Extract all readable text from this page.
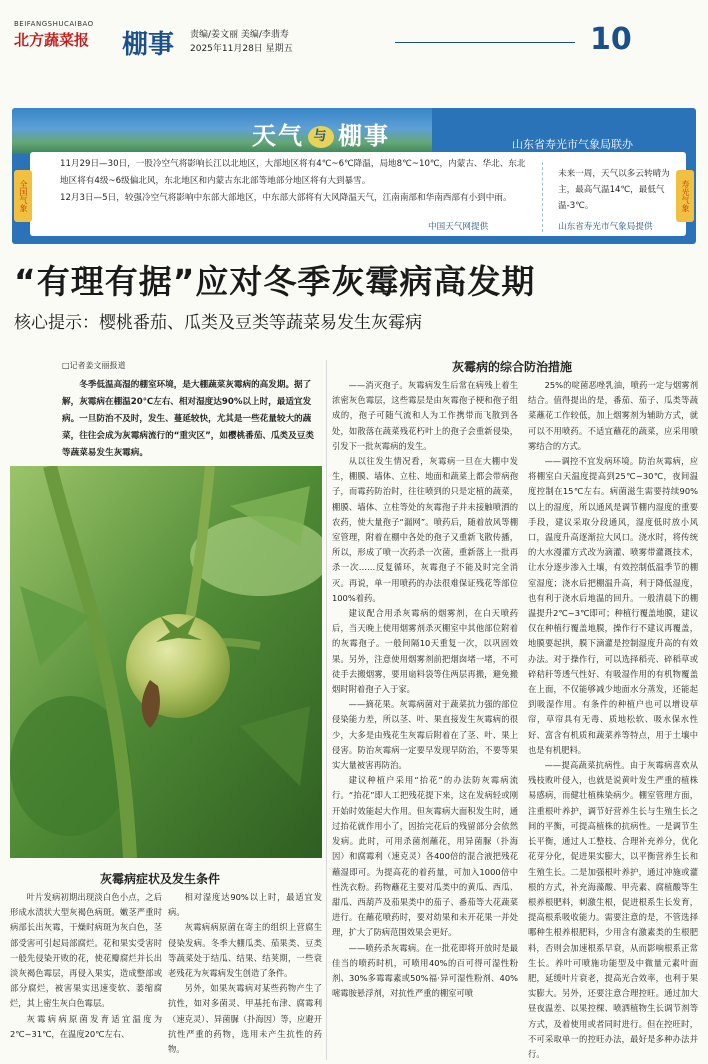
BEIFANGSHUCAIBAO
北方蔬菜报	棚事 责编/姜文丽 美编/李翡寿
2025年11月28日 星期五	10
天气 与 棚事	山东省寿光市气象局联办
全国气象	寿光气象
11月29日—30日，一股冷空气将影响长江以北地区，大部地区将有4℃~6℃降温，局地8℃~10℃，内蒙古、华北、东北地区将有4级~6级偏北风，东北地区和内蒙古东北部等地部分地区将有大到暴雪。
12月3日—5日，较强冷空气将影响中东部大部地区，中东部大部将有大风降温天气，江南南部和华南西部有小到中雨。
中国天气网提供
未来一周，天气以多云转晴为主，最高气温14℃，最低气温-3℃。
山东省寿光市气象局提供
“有理有据”应对冬季灰霉病高发期
核心提示：樱桃番茄、瓜类及豆类等蔬菜易发生灰霉病
□记者姜文丽报道
冬季低温高湿的棚室环境，是大棚蔬菜灰霉病的高发期。据了解，灰霉病在棚温20℃左右、相对湿度达90%以上时，最适宜发病。一旦防治不及时，发生、蔓延较快，尤其是一些花量较大的蔬菜，往往会成为灰霉病流行的“重灾区”，如樱桃番茄、瓜类及豆类等蔬菜易发生灰霉病。
灰霉病症状及发生条件

叶片发病初期出现淡白色小点，之后形成水渍状大型灰褐色病斑。嫩茎严重时病部长出灰霉，干燥时病斑为灰白色，茎部受害可引起局部腐烂。花和果实受害时一般先侵染开败的花，使花瓣腐烂并长出淡灰褐色霉层，再侵入果实，造成整部或部分腐烂，被害果实迅速变软、萎缩腐烂，其上密生灰白色霉层。

灰霉病病原菌发育适宜温度为2℃~31℃，在温度20℃左右、

相对湿度达90%以上时，最适宜发病。

灰霉病病原菌在寄主的组织上营腐生侵染发病。冬季大棚瓜类、茄果类、豆类等蔬菜处于结瓜、结果、结荚期，一些衰老残花为灰霉病发生创造了条件。

另外，如果灰霉病对某些药物产生了抗性，如对多菌灵、甲基托布津、腐霉利（速克灵）、异菌脲（扑海因）等，应避开抗性严重的药物，选用未产生抗性的药物。

灰霉病的综合防治措施

——消灭孢子。灰霉病发生后常在病残上着生浓密灰色霉层，这些霉层是由灰霉孢子梗和孢子组成的，孢子可随气流和人为工作携带而飞散到各处，如散落在蔬菜残花朽叶上的孢子会重新侵染，引发下一批灰霉病的发生。

从以往发生情况看，灰霉病一旦在大棚中发生，棚膜、墙体、立柱、地面和蔬菜上都会带病孢子，而霉药防治时，往往喷到的只是定植的蔬菜，棚膜、墙体、立柱等处的灰霉孢子并未接触喷洒的农药，使大量孢子“漏网”。喷药后，随着放风等棚室管理，附着在棚中各处的孢子又重新飞散传播，所以，形成了喷一次药杀一次菌，重新落上一批再杀一次……反复循环，灰霉孢子不能及时完全消灭。再说，单一用喷药的办法很难保证残花等部位100%着药。

建议配合用杀灰霉病的烟雾剂，在白天喷药后，当天晚上使用烟雾剂杀灭棚室中其他部位附着的灰霉孢子。一般间隔10天重复一次，以巩固效果。另外，注意使用烟雾剂前把烟囱堵一堵，不可徒手去搬烟雾，要用扇料袋等住两层再搬，避免搬烟时附着孢子入于家。

——摘花果。灰霉病菌对于蔬菜抗力强的部位侵染能力差，所以茎、叶、果直接发生灰霉病的很少，大多是由残花生灰霉后附着在了茎、叶、果上侵害。防治灰霉病一定要早发现早防治，不要等果实大量被害再防治。

建议种植户采用“抬花”的办法防灰霉病流行。“抬花”即人工把残花提下来，这在发病轻或刚开始时效能起大作用。但灰霉病大面积发生时，通过抬花就作用小了，因抬完花后的残留部分会依然发病。此时，可用杀菌剂蘸花，用异菌脲（扑海因）和腐霉利（速克灵）各400倍的混合液把残花蘸湿即可。为提高花的着药量，可加入1000倍中性洗衣粉。药物蘸花主要对瓜类中的黄瓜、西瓜、甜瓜、西葫芦及茄果类中的茄子、番茄等大花蔬菜进行。在蘸花喷药时，要对幼果和未开花果一并处理，扩大了防病范围效果会更好。

——喷药杀灰霉病。在一批花即将开放时是最佳当的喷药时机，可喷用40%的百可得可湿性粉剂、30%多霉霉素或50%福·异可湿性粉剂、40%嘧霉胺悬浮剂，对抗性严重的棚室可喷

25%的啶菌恶唑乳油，喷药一定与烟雾剂结合。值得提出的是，番茄、茄子、瓜类等蔬菜蘸花工作较低，加上烟雾剂为辅助方式，就可以不用喷药。不适宜蘸花的蔬菜，应采用喷雾结合的方式。

——调控不宜发病环境。防治灰霉病，应将棚室白天温度提高到25℃~30℃，夜间温度控制在15℃左右。病菌滋生需要持续90%以上的湿度，所以通风是调节棚内湿度的重要手段，建议采取分段通风，湿度低时放小风口，温度升高逐渐拉大风口。浇水时，将传统的大水漫灌方式改为滴灌、喷雾带灌溉技术，让水分逐步渗入土壤，有效控制低温季节的棚室湿度；浇水后把棚温升高，利于降低湿度，也有利于浇水后地温的回升。一般清晨下的棚温提升2℃~3℃即可；种植行覆盖地膜，建议仅在种植行覆盖地膜，操作行不建议再覆盖，地膜要起拱，膜下滴灌是控制湿度升高的有效办法。对于操作行，可以选择稻壳、碎稻草或碎秸秆等透气性好、有吸湿作用的有机物覆盖在上面，不仅能够减少地面水分蒸发，还能起到吸湿作用。有条件的种植户也可以增设草帘，草帘具有无毒、质地松软、吸水保水性好、富含有机质和蔬菜养等特点，用于土壤中也是有机肥料。

——提高蔬菜抗病性。由于灰霉病喜欢从残枝败叶侵入，也就是说黄叶发生严重的植株易感病，而健壮植株染病少。棚室管理方面，注重根叶养护，调节好营养生长与生殖生长之间的平衡，可提高植株的抗病性。一是调节生长平衡，通过人工整枝、合理补充养分，优化花芽分化，促进果实膨大，以平衡营养生长和生殖生长。二是加强根叶养护，通过冲施或灌根的方式，补充海藻酸、甲壳素、腐植酸等生根养根肥料，刺激生根，促进根系生长发育，提高根系吸收能力。需要注意的是，不管选择哪种生根养根肥料，少用含有激素类的生根肥料，否则会加速根系早衰，从而影响根系正常生长。养叶可喷施功能型及中微量元素叶面肥，延缓叶片衰老，提高光合效率，也利于果实膨大。另外，还要注意合理控旺。通过加大昼夜温差、以果控棵、喷洒植物生长调节剂等方式，及着使用或者同时进行。但在控旺时，不可采取单一的控旺办法，最好是多种办法并行。
